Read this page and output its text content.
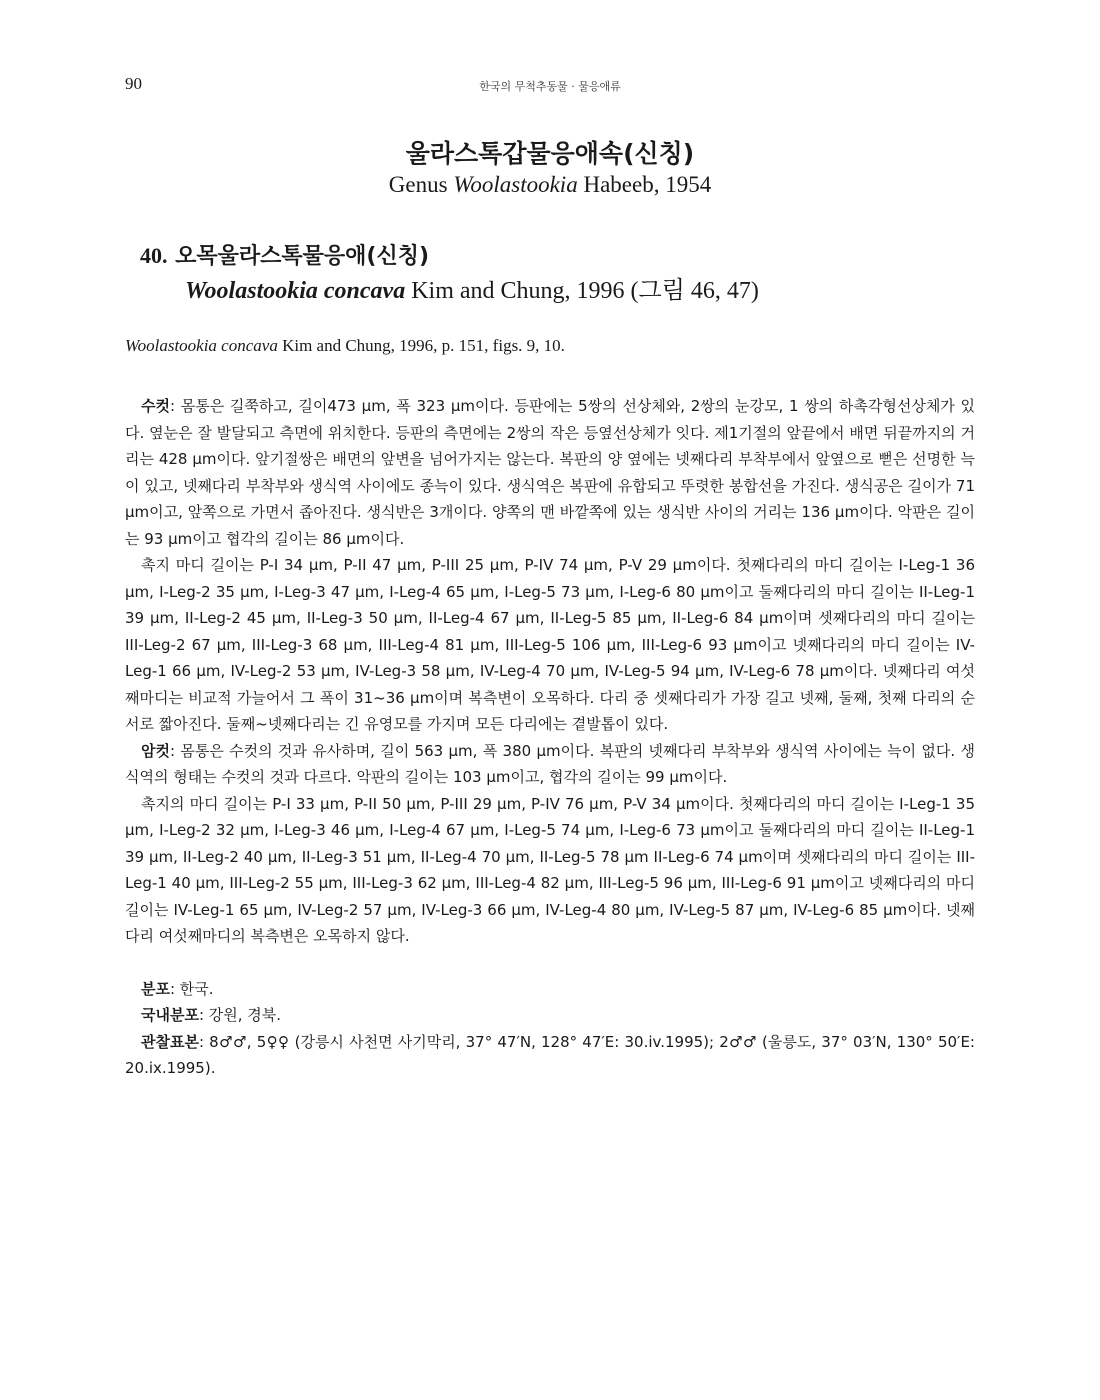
90	한국의 무척추동물 · 물응애류
울라스톡갑물응애속(신칭)
Genus Woolastookia Habeeb, 1954
40. 오목울라스톡물응애(신칭)
Woolastookia concava Kim and Chung, 1996 (그림 46, 47)
Woolastookia concava Kim and Chung, 1996, p. 151, figs. 9, 10.

수컷: 몸통은 길쭉하고, 길이473 μm, 폭 323 μm이다. 등판에는 5쌍의 선상체와, 2쌍의 눈강모, 1 쌍의 하촉각형선상체가 있다. 옆눈은 잘 발달되고 측면에 위치한다. 등판의 측면에는 2쌍의 작은 등옆선상체가 잇다. 제1기절의 앞끝에서 배면 뒤끝까지의 거리는 428 μm이다. 앞기절쌍은 배면의 앞변을 넘어가지는 않는다. 복판의 양 옆에는 넷째다리 부착부에서 앞옆으로 뻗은 선명한 늑이 있고, 넷째다리 부착부와 생식역 사이에도 종늑이 있다. 생식역은 복판에 유합되고 뚜렷한 봉합선을 가진다. 생식공은 길이가 71 μm이고, 앞쪽으로 가면서 좁아진다. 생식반은 3개이다. 양쪽의 맨 바깥쪽에 있는 생식반 사이의 거리는 136 μm이다. 악판은 길이는 93 μm이고 협각의 길이는 86 μm이다.

촉지 마디 길이는 P-I 34 μm, P-II 47 μm, P-III 25 μm, P-IV 74 μm, P-V 29 μm이다. 첫째다리의 마디 길이는 I-Leg-1 36 μm, I-Leg-2 35 μm, I-Leg-3 47 μm, I-Leg-4 65 μm, I-Leg-5 73 μm, I-Leg-6 80 μm이고 둘째다리의 마디 길이는 II-Leg-1 39 μm, II-Leg-2 45 μm, II-Leg-3 50 μm, II-Leg-4 67 μm, II-Leg-5 85 μm, II-Leg-6 84 μm이며 셋째다리의 마디 길이는 III-Leg-2 67 μm, III-Leg-3 68 μm, III-Leg-4 81 μm, III-Leg-5 106 μm, III-Leg-6 93 μm이고 넷째다리의 마디 길이는 IV-Leg-1 66 μm, IV-Leg-2 53 μm, IV-Leg-3 58 μm, IV-Leg-4 70 μm, IV-Leg-5 94 μm, IV-Leg-6 78 μm이다. 넷째다리 여섯째마디는 비교적 가늘어서 그 폭이 31~36 μm이며 복측변이 오목하다. 다리 중 셋째다리가 가장 길고 넷째, 둘째, 첫째 다리의 순서로 짧아진다. 둘째~넷째다리는 긴 유영모를 가지며 모든 다리에는 곁발톱이 있다.

암컷: 몸통은 수컷의 것과 유사하며, 길이 563 μm, 폭 380 μm이다. 복판의 넷째다리 부착부와 생식역 사이에는 늑이 없다. 생식역의 형태는 수컷의 것과 다르다. 악판의 길이는 103 μm이고, 협각의 길이는 99 μm이다.

촉지의 마디 길이는 P-I 33 μm, P-II 50 μm, P-III 29 μm, P-IV 76 μm, P-V 34 μm이다. 첫째다리의 마디 길이는 I-Leg-1 35 μm, I-Leg-2 32 μm, I-Leg-3 46 μm, I-Leg-4 67 μm, I-Leg-5 74 μm, I-Leg-6 73 μm이고 둘째다리의 마디 길이는 II-Leg-1 39 μm, II-Leg-2 40 μm, II-Leg-3 51 μm, II-Leg-4 70 μm, II-Leg-5 78 μm II-Leg-6 74 μm이며 셋째다리의 마디 길이는 III-Leg-1 40 μm, III-Leg-2 55 μm, III-Leg-3 62 μm, III-Leg-4 82 μm, III-Leg-5 96 μm, III-Leg-6 91 μm이고 넷째다리의 마디 길이는 IV-Leg-1 65 μm, IV-Leg-2 57 μm, IV-Leg-3 66 μm, IV-Leg-4 80 μm, IV-Leg-5 87 μm, IV-Leg-6 85 μm이다. 넷째다리 여섯째마디의 복측변은 오목하지 않다.

분포: 한국.

국내분포: 강원, 경북.

관찰표본: 8♂♂, 5♀♀ (강릉시 사천면 사기막리, 37° 47′N, 128° 47′E: 30.iv.1995); 2♂♂ (울릉도, 37° 03′N, 130° 50′E: 20.ix.1995).
